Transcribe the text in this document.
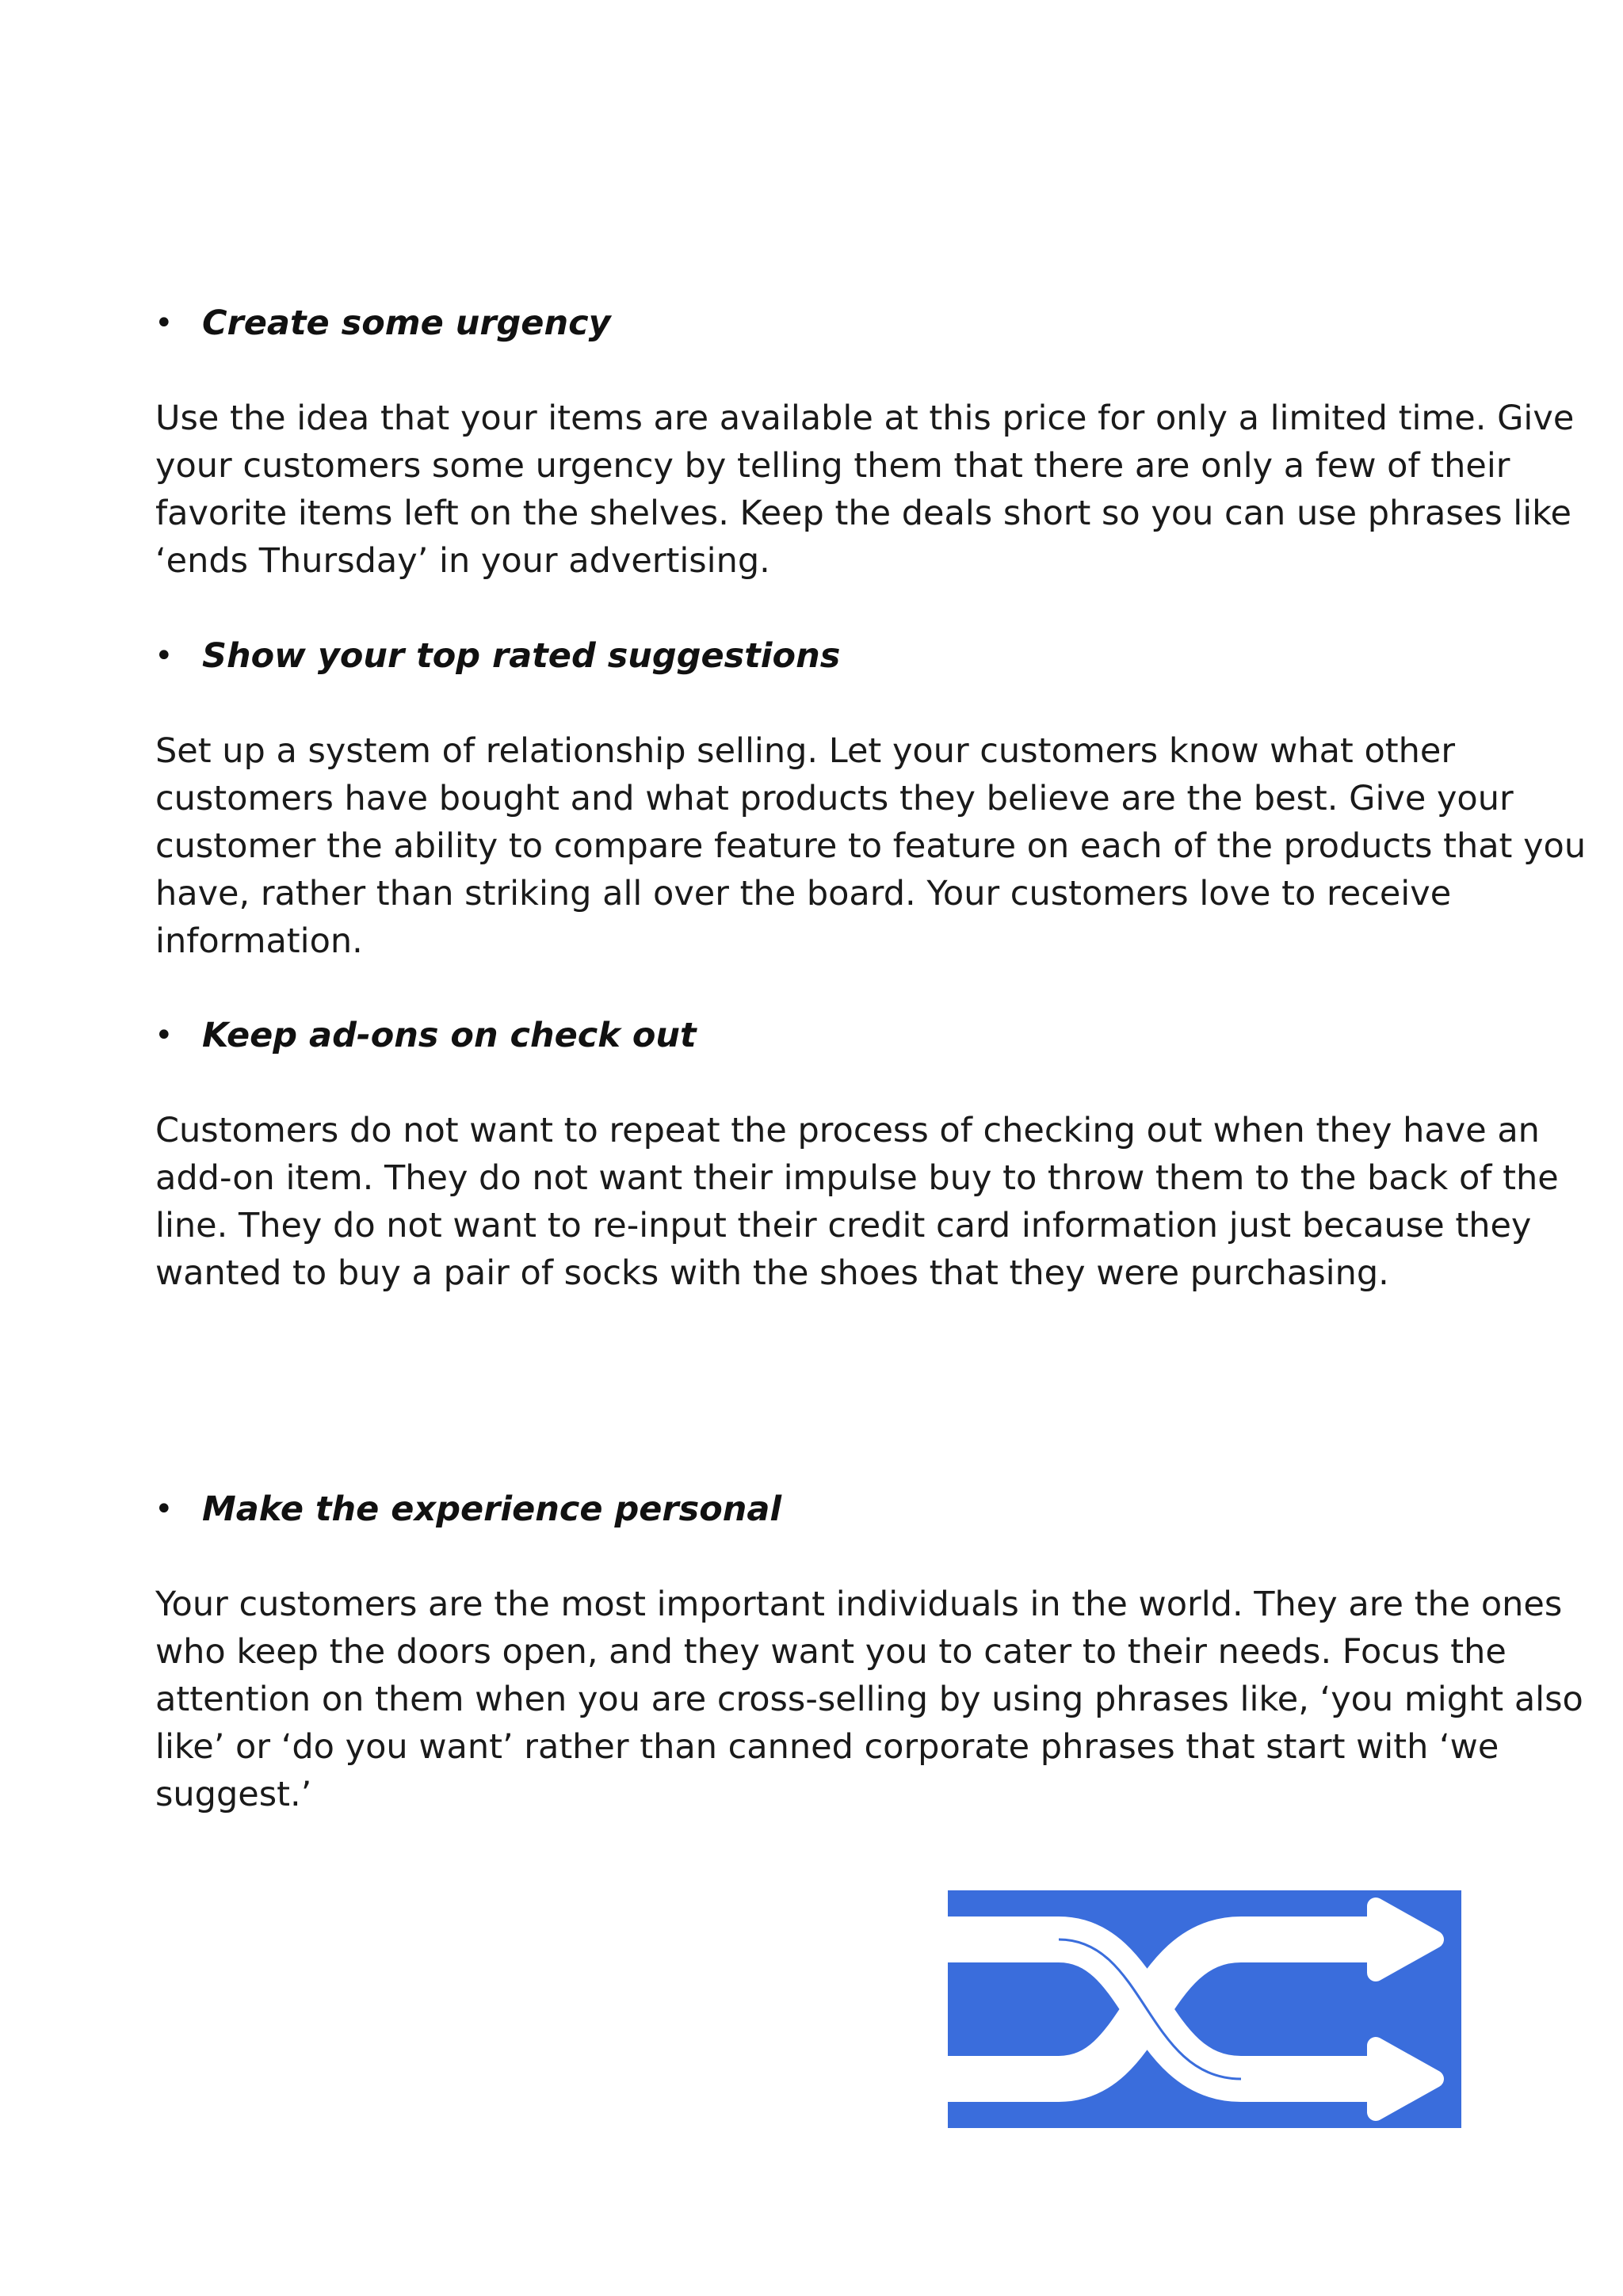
• Create some urgency
Use the idea that your items are available at this price for only a limited time. Give
your customers some urgency by telling them that there are only a few of their
favorite items left on the shelves. Keep the deals short so you can use phrases like
‘ends Thursday’ in your advertising.
• Show your top rated suggestions
Set up a system of relationship selling. Let your customers know what other
customers have bought and what products they believe are the best. Give your
customer the ability to compare feature to feature on each of the products that you
have, rather than striking all over the board. Your customers love to receive
information.
• Keep ad-ons on check out
Customers do not want to repeat the process of checking out when they have an
add-on item. They do not want their impulse buy to throw them to the back of the
line. They do not want to re-input their credit card information just because they
wanted to buy a pair of socks with the shoes that they were purchasing.
• Make the experience personal
Your customers are the most important individuals in the world. They are the ones
who keep the doors open, and they want you to cater to their needs. Focus the
attention on them when you are cross-selling by using phrases like, ‘you might also
like’ or ‘do you want’ rather than canned corporate phrases that start with ‘we
suggest.’
